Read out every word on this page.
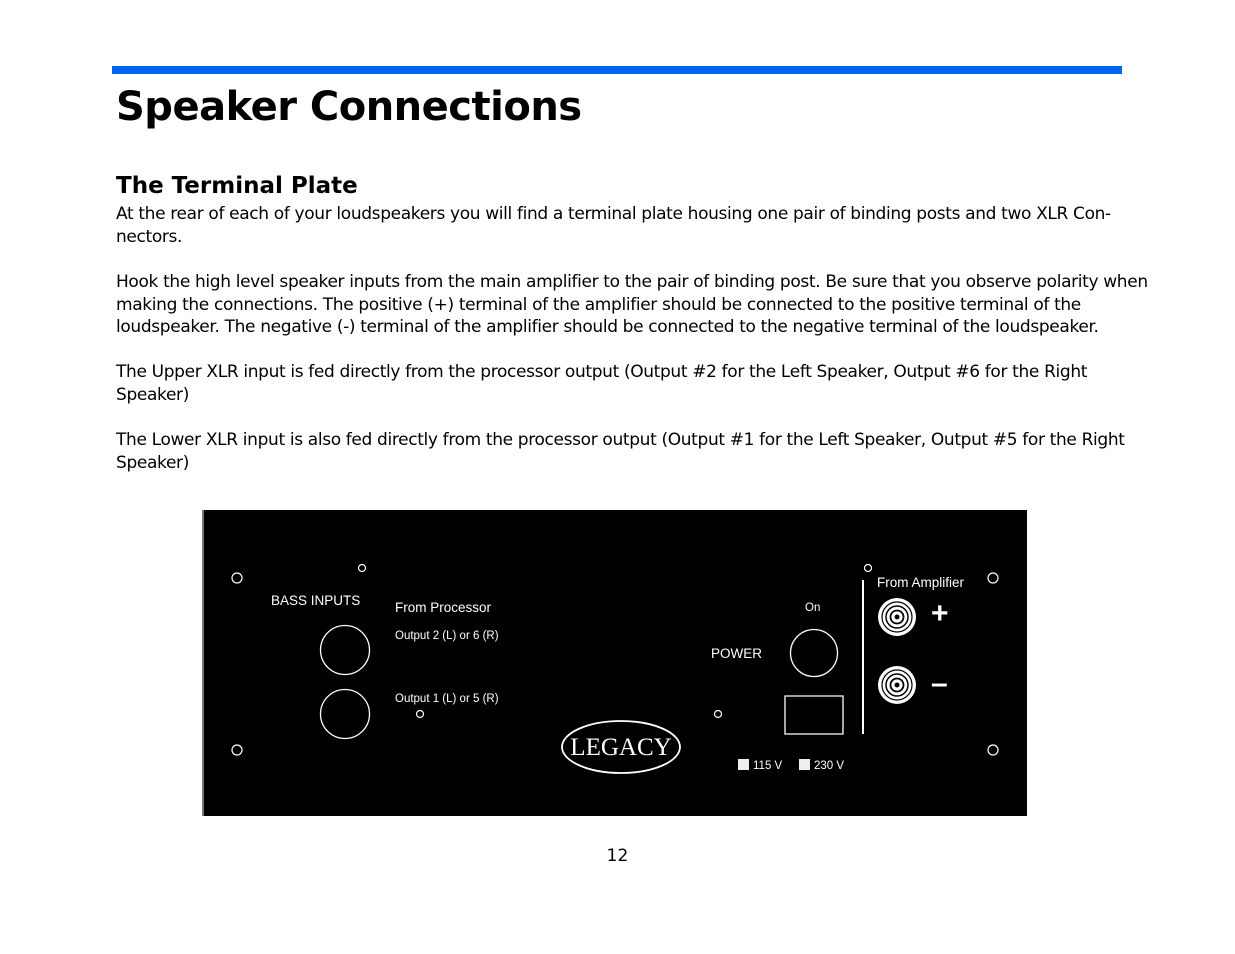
Speaker Connections
The Terminal Plate

At the rear of each of your loudspeakers you will find a terminal plate housing one pair of binding posts and two XLR Con-nectors.

Hook the high level speaker inputs from the main amplifier to the pair of binding post. Be sure that you observe polarity when making the connections. The positive (+) terminal of the amplifier should be connected to the positive terminal of the loudspeaker. The negative (-) terminal of the amplifier should be connected to the negative terminal of the loudspeaker.

The Upper XLR input is fed directly from the processor output (Output #2 for the Left Speaker, Output #6 for the Right Speaker)

The Lower XLR input is also fed directly from the processor output (Output #1 for the Left Speaker, Output #5 for the Right Speaker)

BASS INPUTS	From Processor
Output 2 (L) or 6 (R)
Output 1 (L) or 5 (R)
LEGACY
POWER
On
115 V	230 V
From Amplifier
+
–

12
